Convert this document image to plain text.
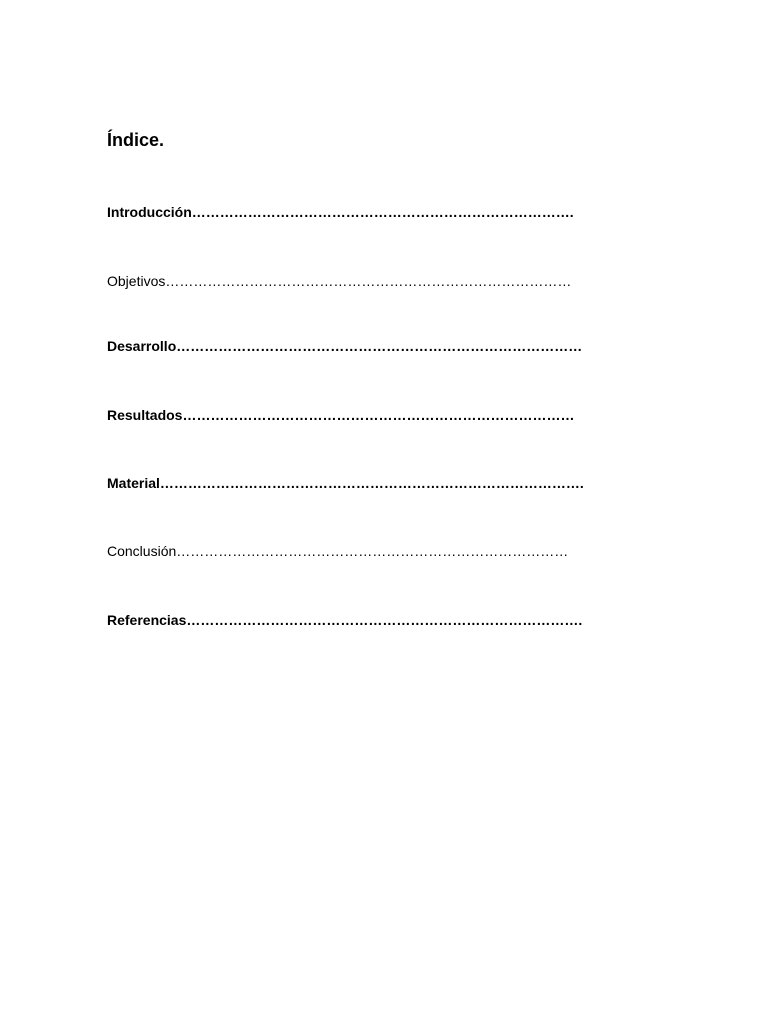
Índice.
Introducción……………………………………………………………………….
Objetivos……………………………………………………………………………
Desarrollo……………………………………………………………………………
Resultados…………………………………………………………………………
Material……………………………………………………………………………….
Conclusión…………………………………………………………………………
Referencias………………………………………………………………………….
